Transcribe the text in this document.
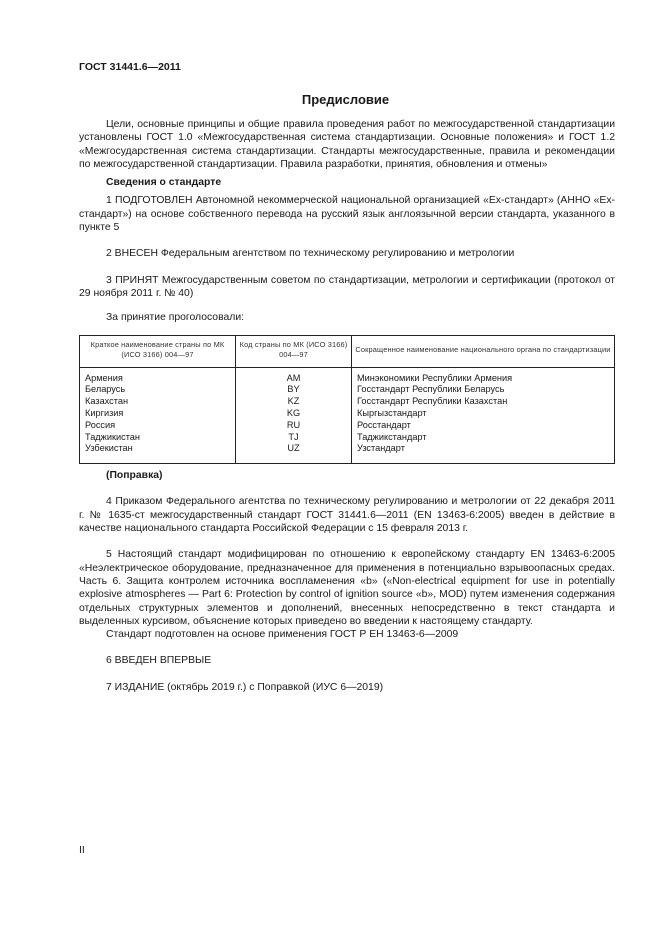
ГОСТ 31441.6—2011
Предисловие

Цели, основные принципы и общие правила проведения работ по межгосударственной стандартизации установлены ГОСТ 1.0 «Межгосударственная система стандартизации. Основные положения» и ГОСТ 1.2 «Межгосударственная система стандартизации. Стандарты межгосударственные, правила и рекомендации по межгосударственной стандартизации. Правила разработки, принятия, обновления и отмены»

Сведения о стандарте

1 ПОДГОТОВЛЕН Автономной некоммерческой национальной организацией «Ех-стандарт» (АННО «Ех-стандарт») на основе собственного перевода на русский язык англоязычной версии стандарта, указанного в пункте 5

2 ВНЕСЕН Федеральным агентством по техническому регулированию и метрологии

3 ПРИНЯТ Межгосударственным советом по стандартизации, метрологии и сертификации (протокол от 29 ноября 2011 г. № 40)

За принятие проголосовали:

Краткое наименование страны по МК (ИСО 3166) 004—97	Код страны по МК (ИСО 3166) 004—97	Сокращенное наименование национального органа по стандартизации
Армения	AM	Минэкономики Республики Армения
Беларусь	BY	Госстандарт Республики Беларусь
Казахстан	KZ	Госстандарт Республики Казахстан
Киргизия	KG	Кыргызстандарт
Россия	RU	Росстандарт
Таджикистан	TJ	Таджикстандарт
Узбекистан	UZ	Узстандарт

(Поправка)

4 Приказом Федерального агентства по техническому регулированию и метрологии от 22 декабря 2011 г. № 1635-ст межгосударственный стандарт ГОСТ 31441.6—2011 (EN 13463-6:2005) введен в действие в качестве национального стандарта Российской Федерации с 15 февраля 2013 г.

5 Настоящий стандарт модифицирован по отношению к европейскому стандарту EN 13463-6:2005 «Неэлектрическое оборудование, предназначенное для применения в потенциально взрывоопасных средах. Часть 6. Защита контролем источника воспламенения «b» («Non-electrical equipment for use in potentially explosive atmospheres — Part 6: Protection by control of ignition source «b», MOD) путем изменения содержания отдельных структурных элементов и дополнений, внесенных непосредственно в текст стандарта и выделенных курсивом, объяснение которых приведено во введении к настоящему стандарту.

Стандарт подготовлен на основе применения ГОСТ Р ЕН 13463-6—2009

6 ВВЕДЕН ВПЕРВЫЕ

7 ИЗДАНИЕ (октябрь 2019 г.) с Поправкой (ИУС 6—2019)

II
